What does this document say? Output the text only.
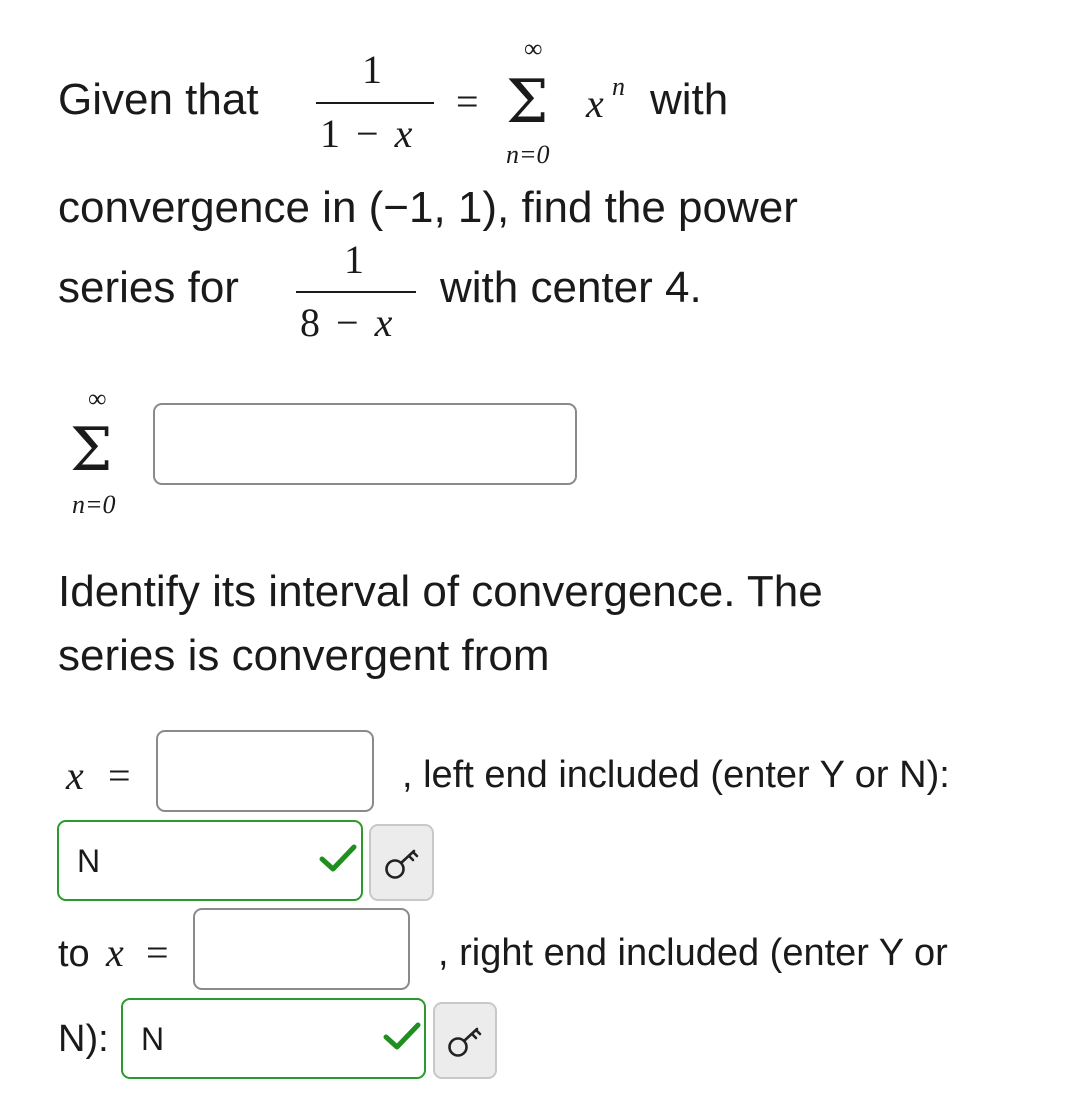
Given that
1
1 − x
=
∞
Σ
n=0
x n with
convergence in (−1, 1), find the power
series for
1
8 − x
with center 4.
∞
Σ
n=0
Identify its interval of convergence. The
series is convergent from
x =	, left end included (enter Y or N):
N
to x =	, right end included (enter Y or
N): N
